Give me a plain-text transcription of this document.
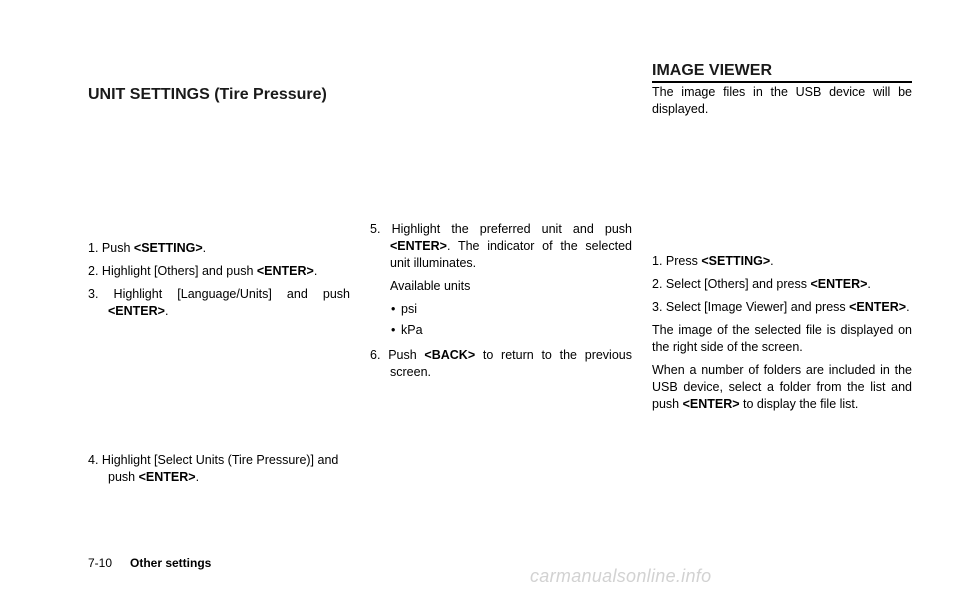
UNIT SETTINGS (Tire Pressure)
1. Push <SETTING>.
2. Highlight [Others] and push <ENTER>.
3. Highlight [Language/Units] and push <ENTER>.
4. Highlight [Select Units (Tire Pressure)] and push <ENTER>.
5. Highlight the preferred unit and push <ENTER>. The indicator of the selected unit illuminates.

Available units

• psi
• kPa
6. Push <BACK> to return to the previous screen.
IMAGE VIEWER
The image files in the USB device will be displayed.
1. Press <SETTING>.
2. Select [Others] and press <ENTER>.
3. Select [Image Viewer] and press <ENTER>.

The image of the selected file is displayed on the right side of the screen.

When a number of folders are included in the USB device, select a folder from the list and push <ENTER> to display the file list.

7-10 Other settings
carmanualsonline.info
